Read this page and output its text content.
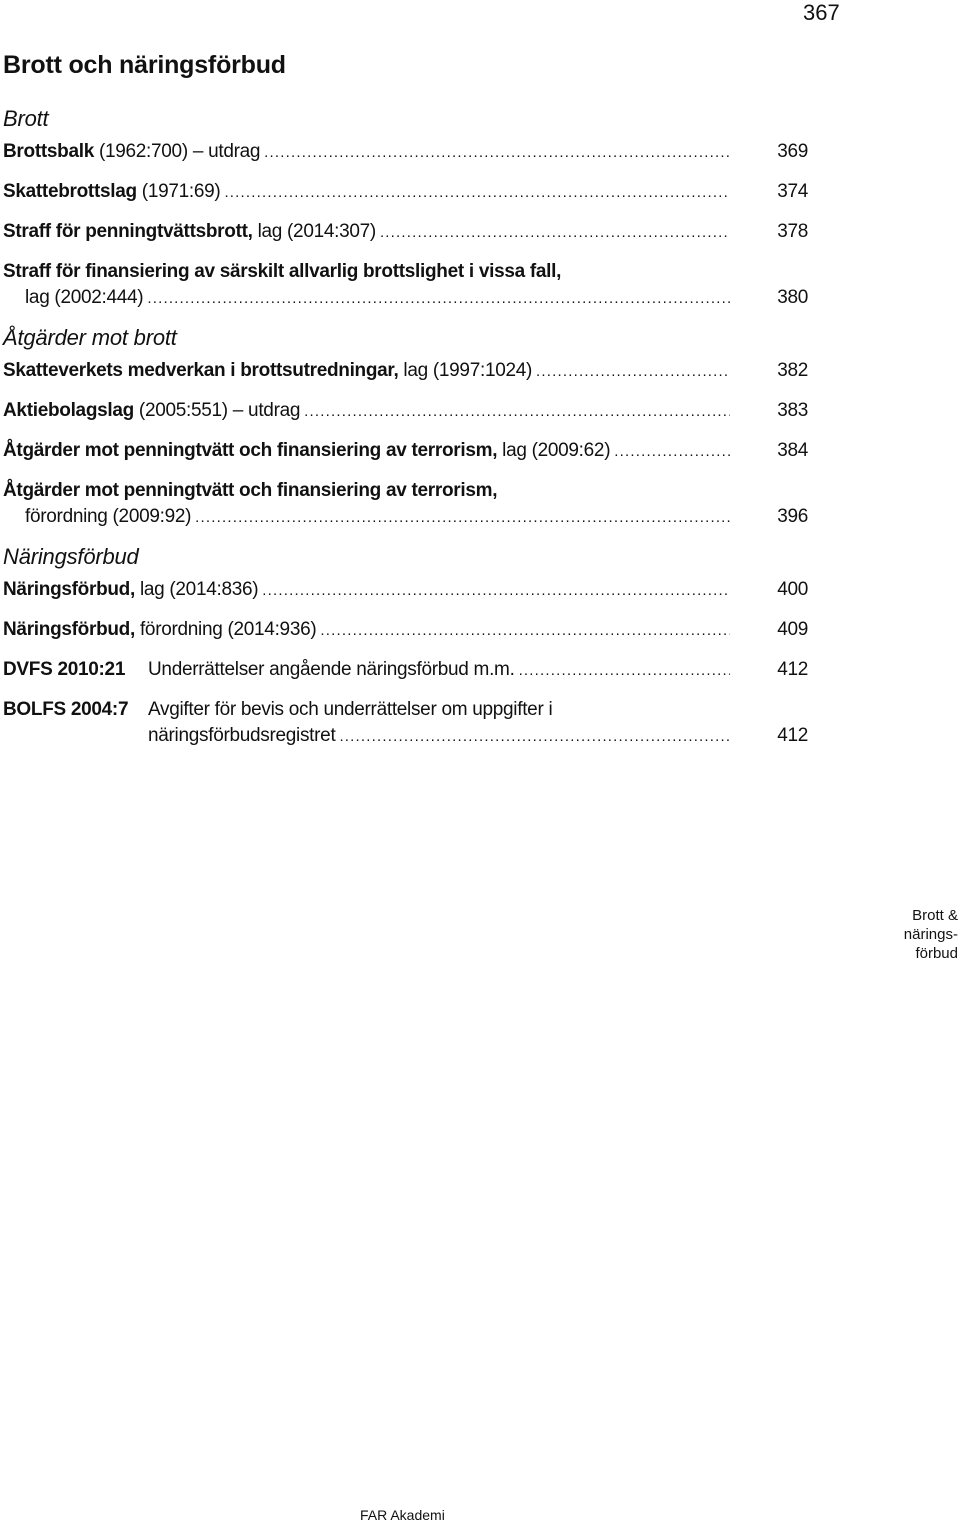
367
Brott och näringsförbud
Brott
Brottsbalk (1962:700) – utdrag .....	369
Skattebrottslag (1971:69) .....	374
Straff för penningtvättsbrott, lag (2014:307) .....	378
Straff för finansiering av särskilt allvarlig brottslighet i vissa fall,
lag (2002:444) .....	380
Åtgärder mot brott
Skatteverkets medverkan i brottsutredningar, lag (1997:1024) .....	382
Aktiebolagslag (2005:551) – utdrag .....	383
Åtgärder mot penningtvätt och finansiering av terrorism, lag (2009:62) .....	384
Åtgärder mot penningtvätt och finansiering av terrorism,
förordning (2009:92) .....	396
Näringsförbud
Näringsförbud, lag (2014:836) .....	400
Näringsförbud, förordning (2014:936) .....	409
DVFS 2010:21 Underrättelser angående näringsförbud m.m. .....	412
BOLFS 2004:7 Avgifter för bevis och underrättelser om uppgifter i
näringsförbudsregistret .....	412
Brott &
närings-
förbud
FAR Akademi
